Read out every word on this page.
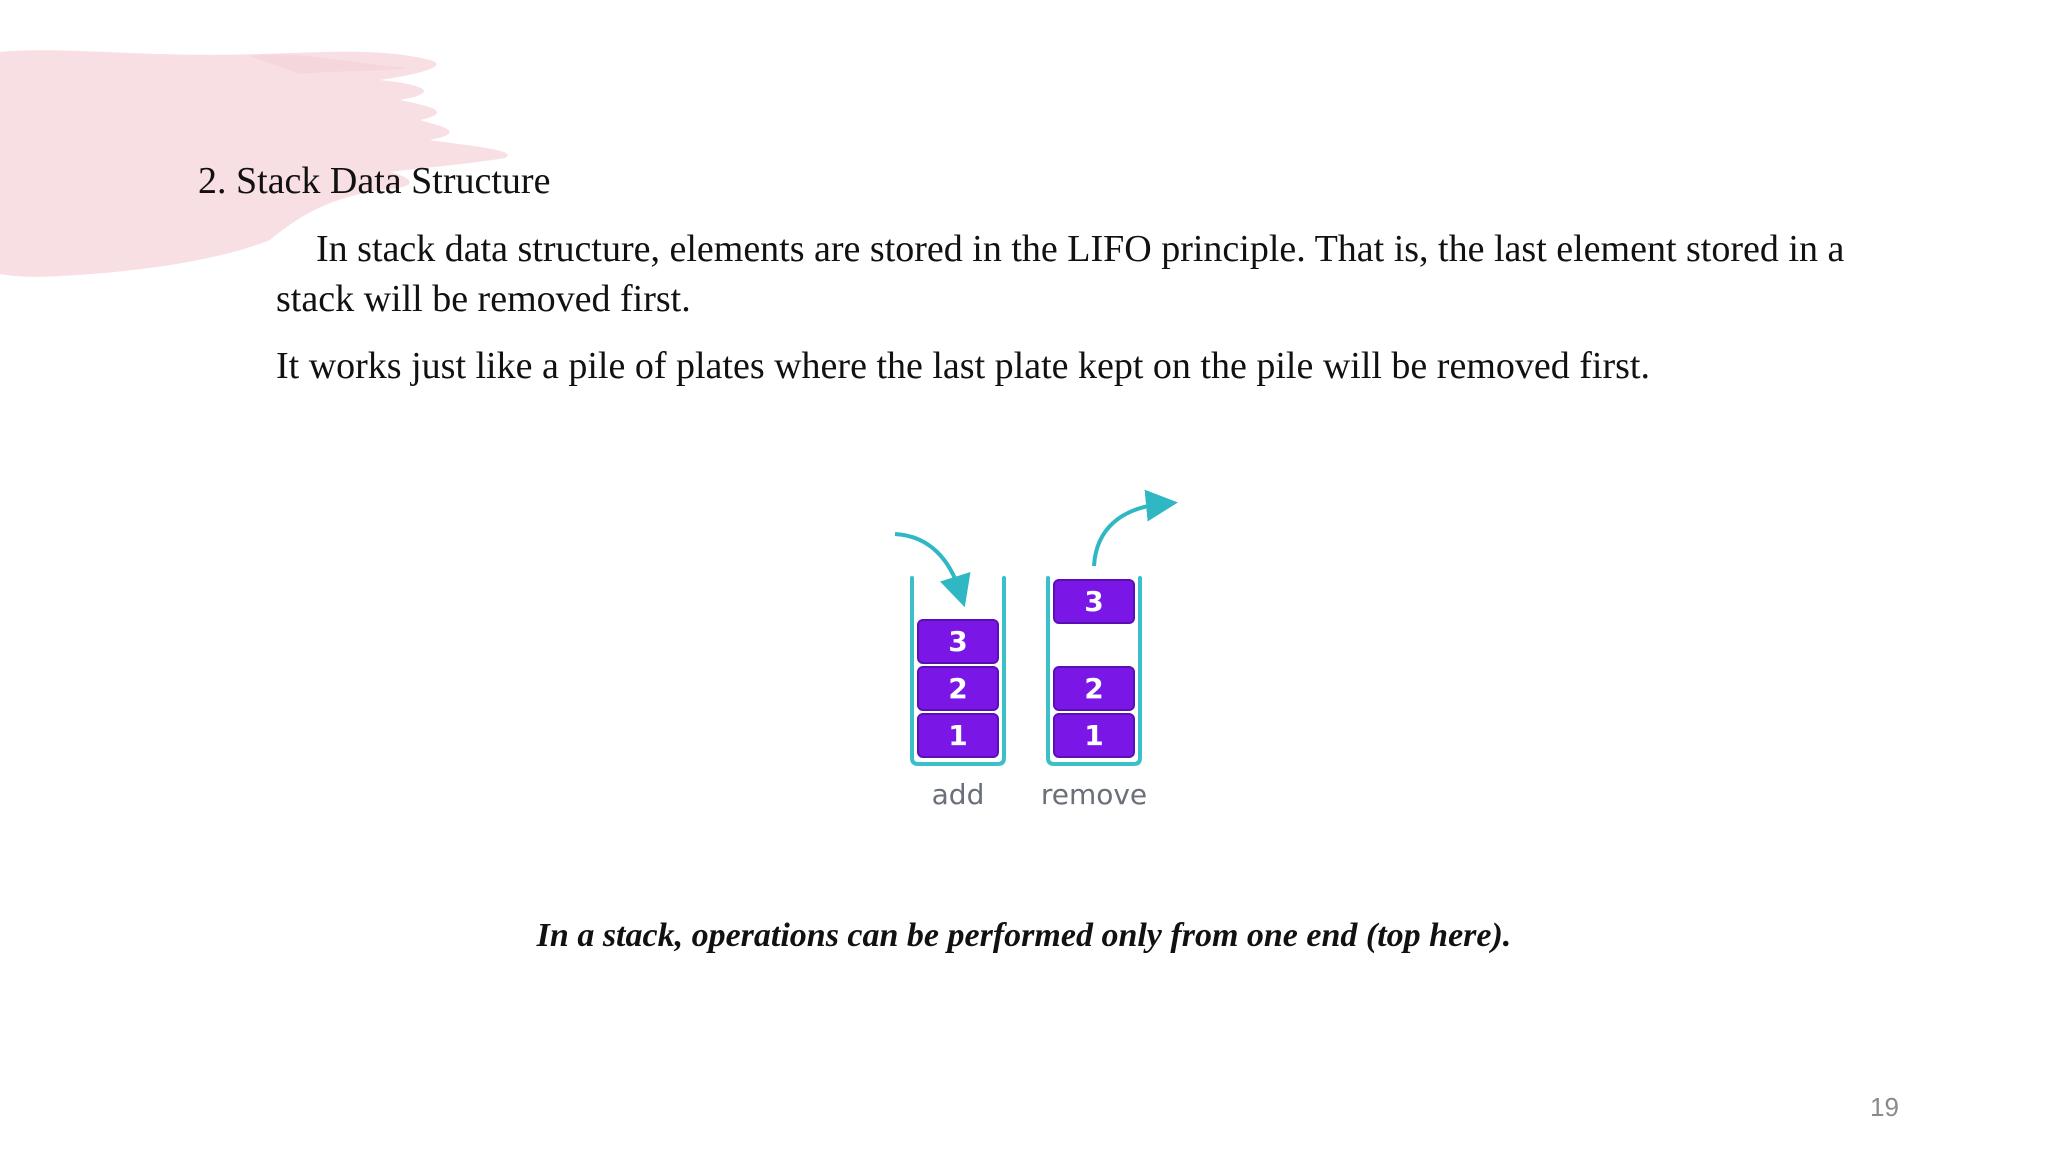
2. Stack Data Structure

In stack data structure, elements are stored in the LIFO principle. That is, the last element stored in a stack will be removed first.

It works just like a pile of plates where the last plate kept on the pile will be removed first.

3
2
1
add
3
2
1
remove
In a stack, operations can be performed only from one end (top here).
19
